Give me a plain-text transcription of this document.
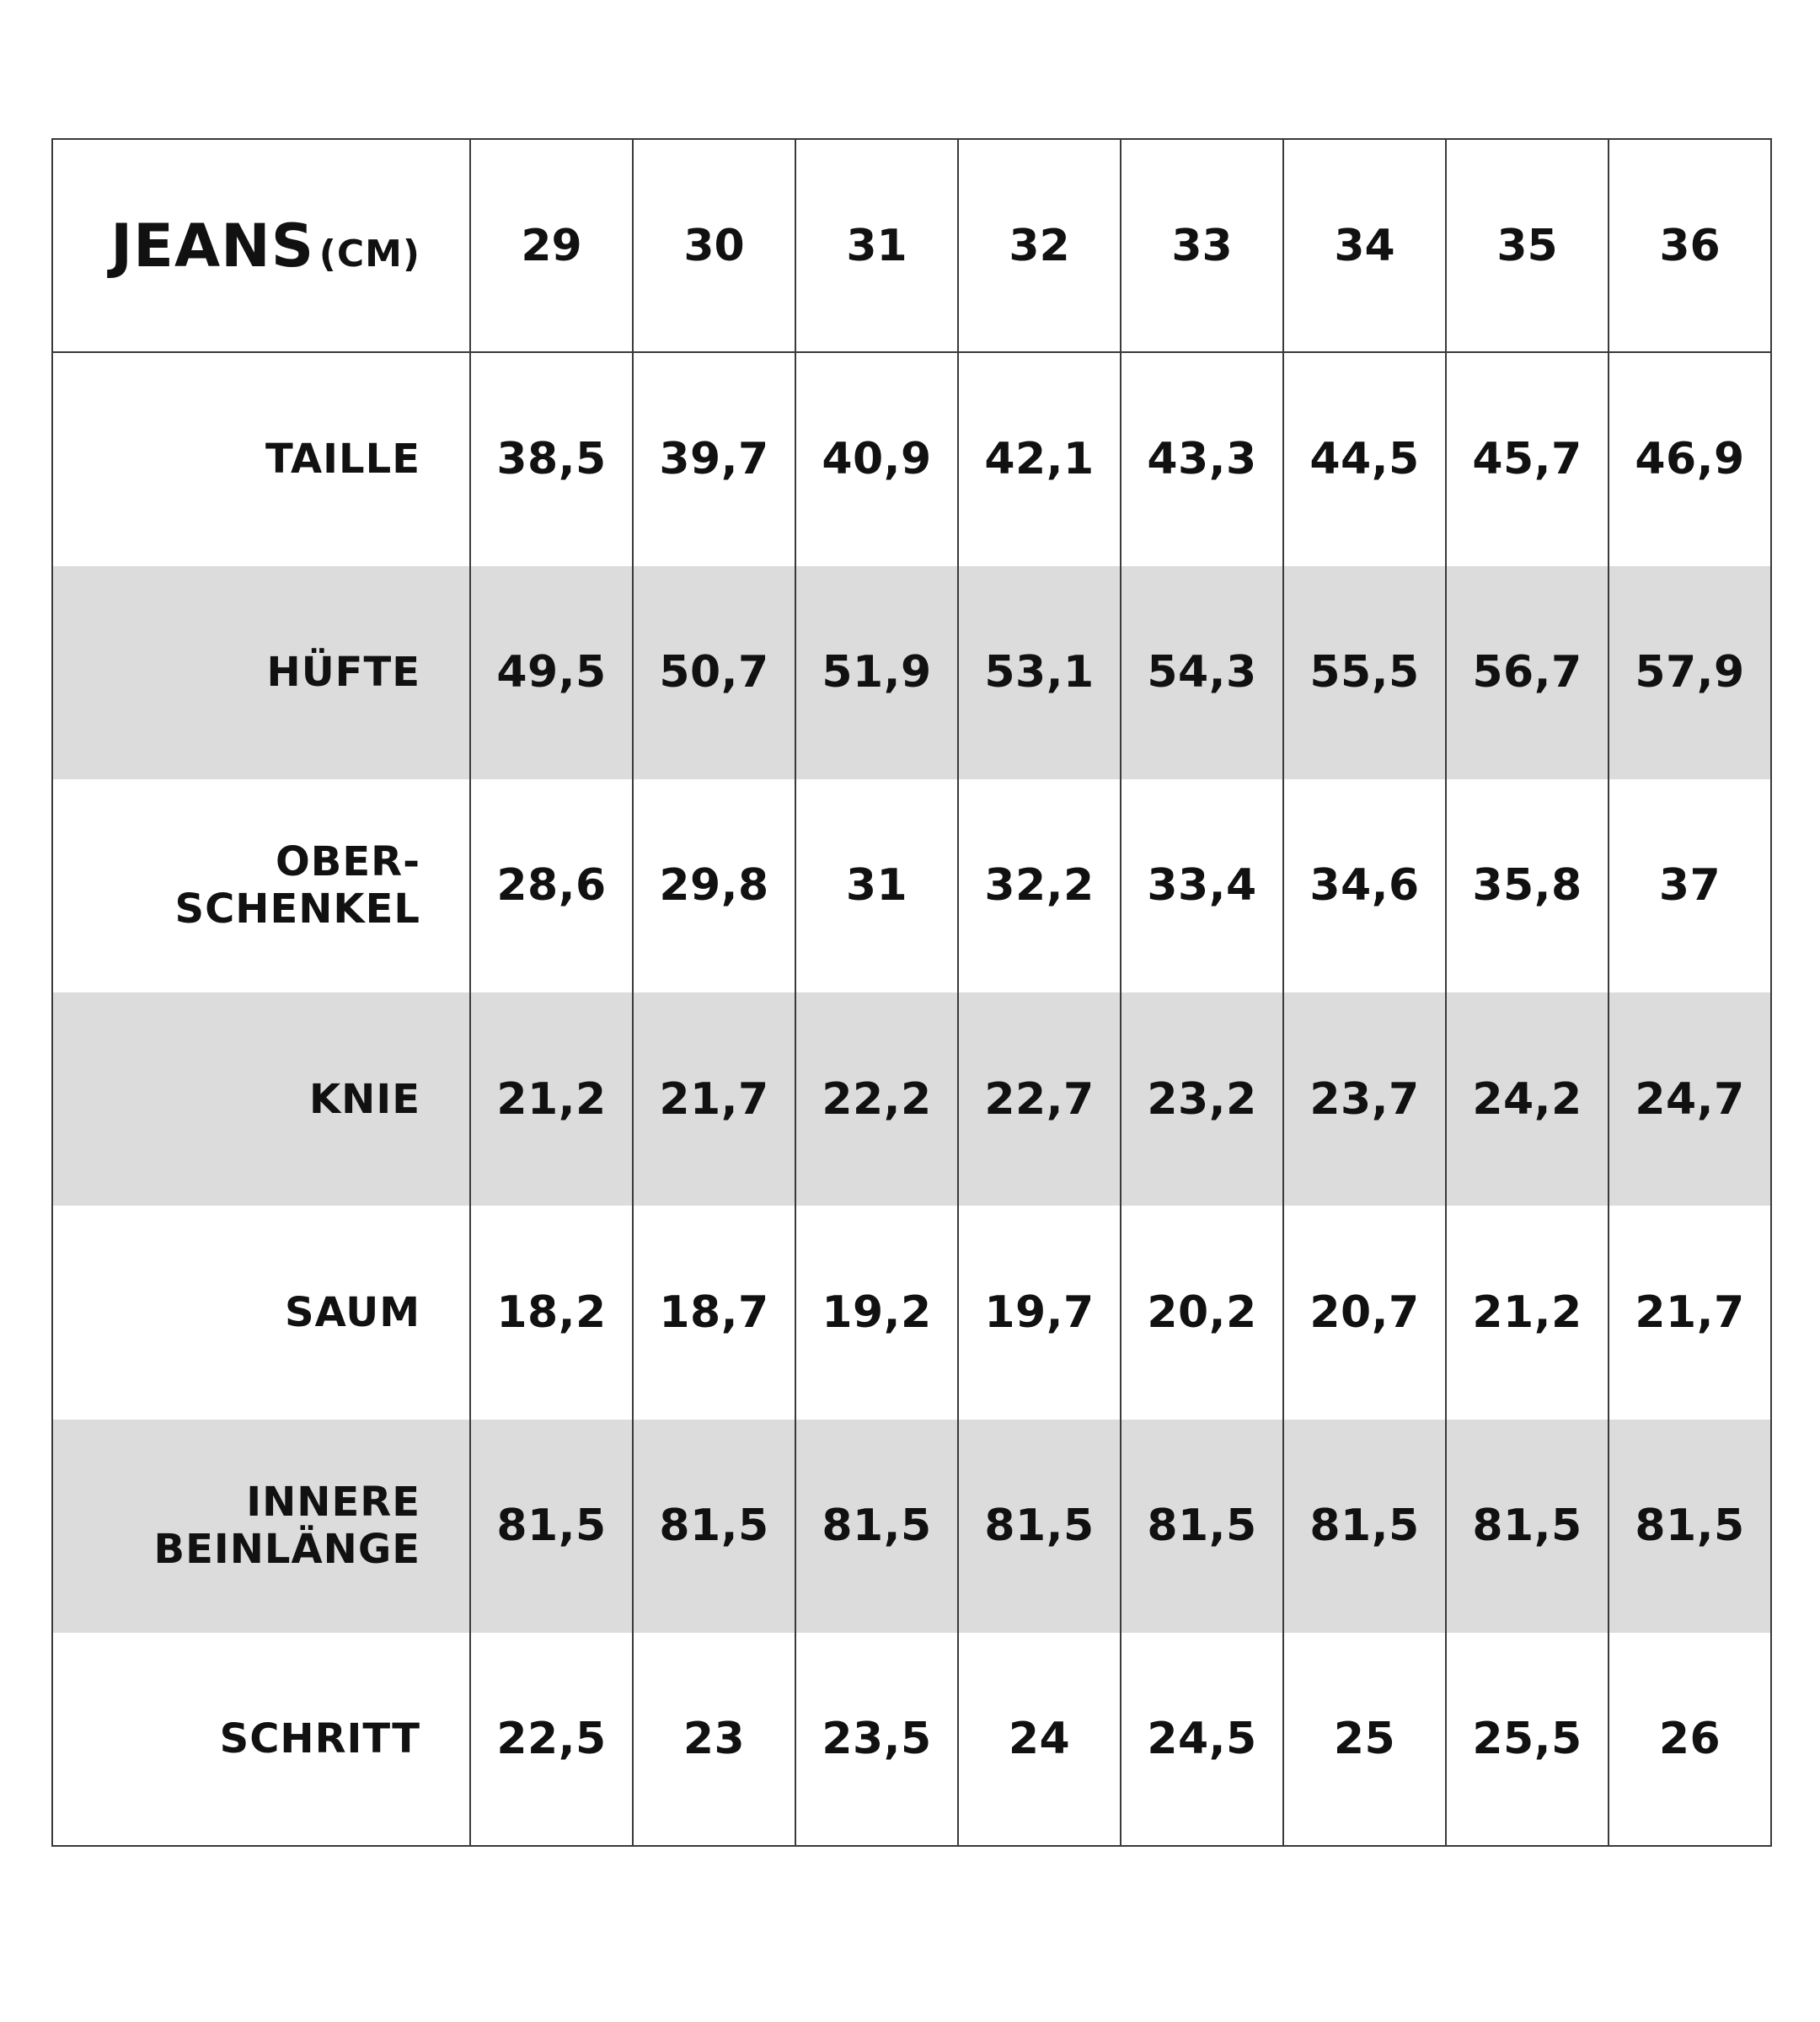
JEANS (CM)	29	30	31	32	33	34	35	36

TAILLE	38,5	39,7	40,9	42,1	43,3	44,5	45,7	46,9

HÜFTE	49,5	50,7	51,9	53,1	54,3	55,5	56,7	57,9

OBER-
SCHENKEL	28,6	29,8	31	32,2	33,4	34,6	35,8	37

KNIE	21,2	21,7	22,2	22,7	23,2	23,7	24,2	24,7

SAUM	18,2	18,7	19,2	19,7	20,2	20,7	21,2	21,7

INNERE
BEINLÄNGE	81,5	81,5	81,5	81,5	81,5	81,5	81,5	81,5

SCHRITT	22,5	23	23,5	24	24,5	25	25,5	26
